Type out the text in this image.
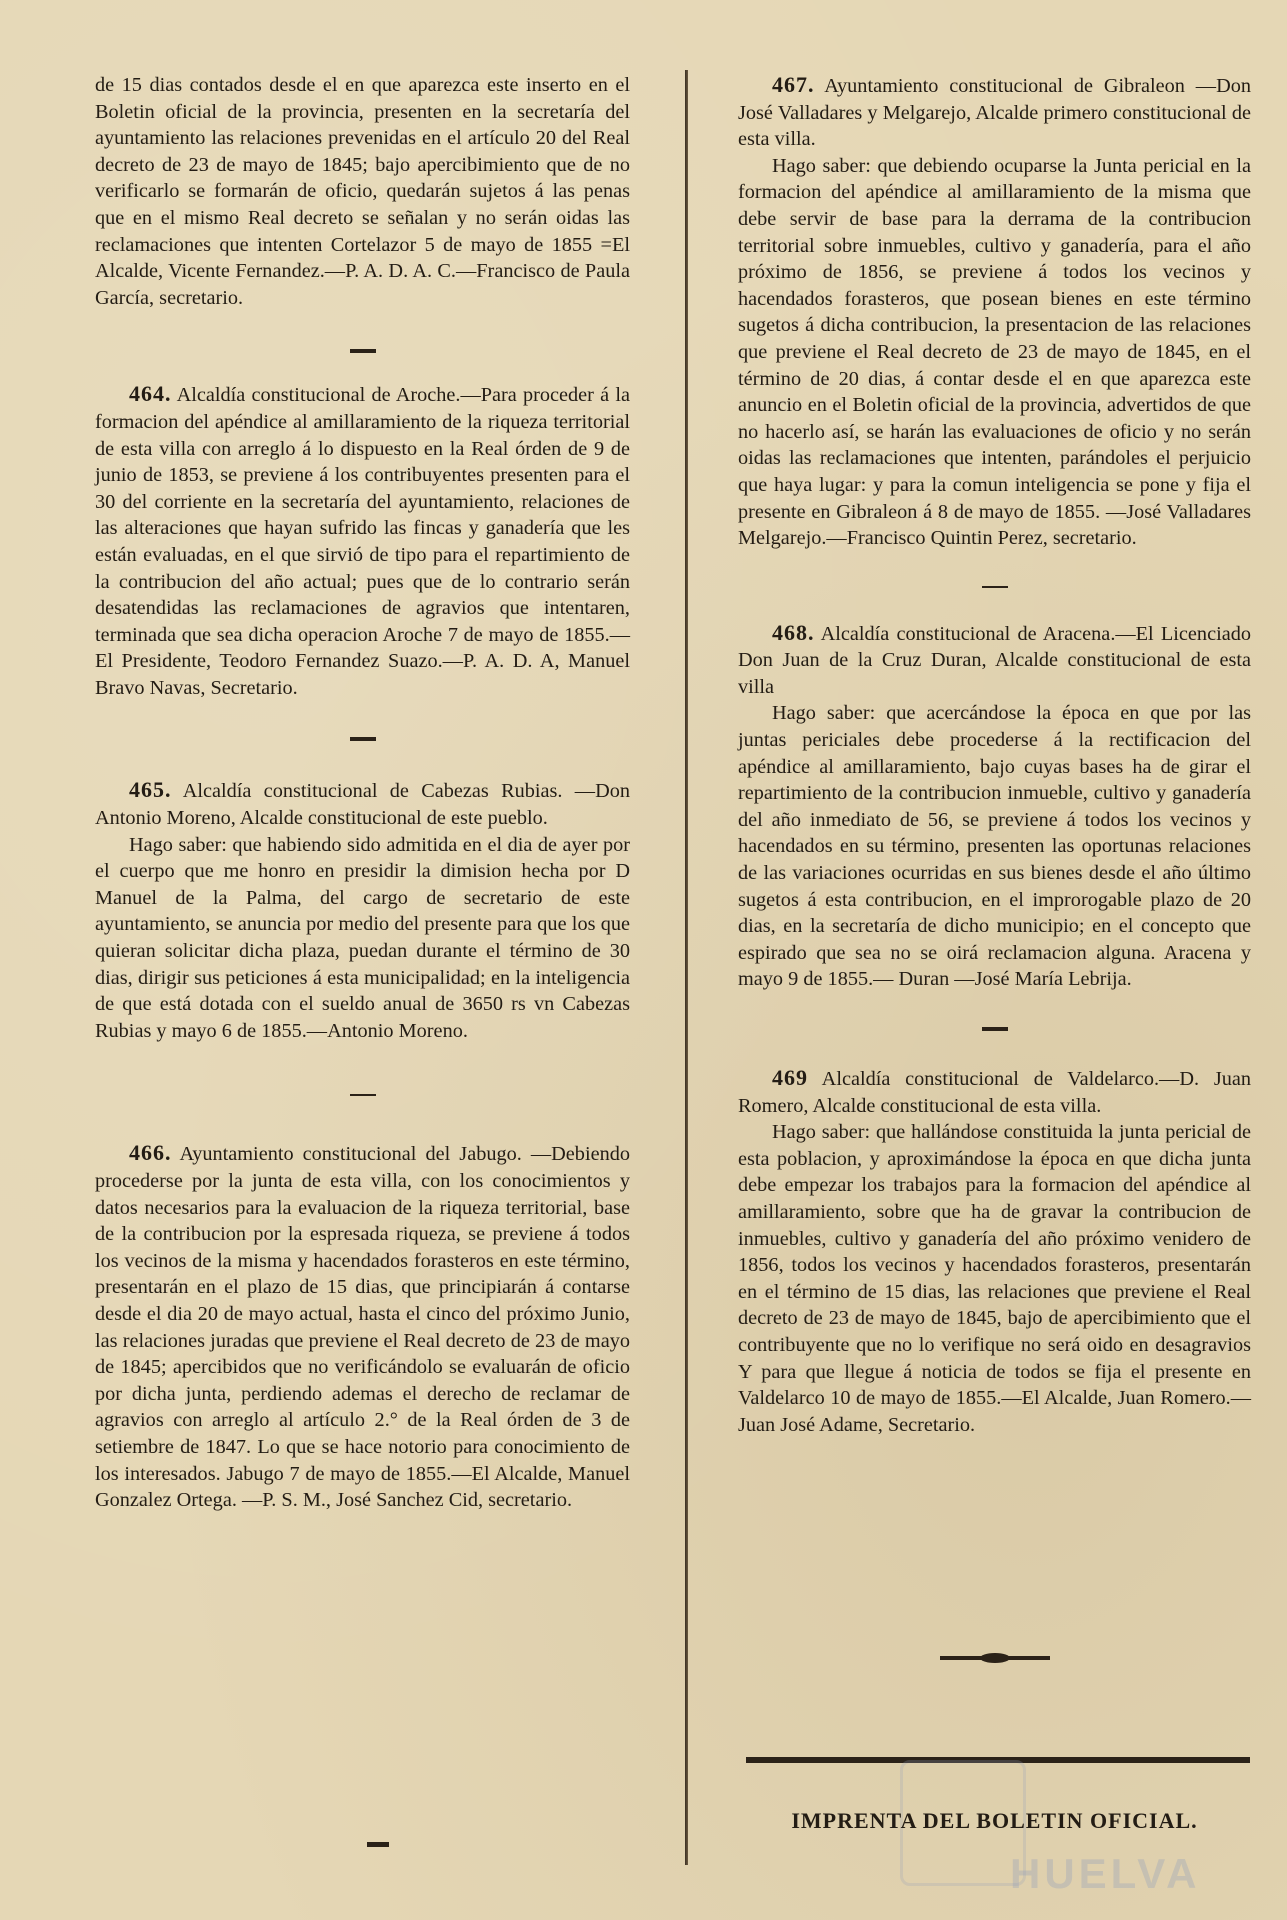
de 15 dias contados desde el en que aparezca este inserto en el Boletin oficial de la provincia, presenten en la secretaría del ayuntamiento las relaciones prevenidas en el artículo 20 del Real decreto de 23 de mayo de 1845; bajo apercibimiento que de no verificarlo se formarán de oficio, quedarán sujetos á las penas que en el mismo Real decreto se señalan y no serán oidas las reclamaciones que intenten Cortelazor 5 de mayo de 1855 =El Alcalde, Vicente Fernandez.—P. A. D. A. C.—Francisco de Paula García, secretario.

464. Alcaldía constitucional de Aroche.—Para proceder á la formacion del apéndice al amillaramiento de la riqueza territorial de esta villa con arreglo á lo dispuesto en la Real órden de 9 de junio de 1853, se previene á los contribuyentes presenten para el 30 del corriente en la secretaría del ayuntamiento, relaciones de las alteraciones que hayan sufrido las fincas y ganadería que les están evaluadas, en el que sirvió de tipo para el repartimiento de la contribucion del año actual; pues que de lo contrario serán desatendidas las reclamaciones de agravios que intentaren, terminada que sea dicha operacion Aroche 7 de mayo de 1855.—El Presidente, Teodoro Fernandez Suazo.—P. A. D. A, Manuel Bravo Navas, Secretario.
465. Alcaldía constitucional de Cabezas Rubias. —Don Antonio Moreno, Alcalde constitucional de este pueblo.

Hago saber: que habiendo sido admitida en el dia de ayer por el cuerpo que me honro en presidir la dimision hecha por D Manuel de la Palma, del cargo de secretario de este ayuntamiento, se anuncia por medio del presente para que los que quieran solicitar dicha plaza, puedan durante el término de 30 dias, dirigir sus peticiones á esta municipalidad; en la inteligencia de que está dotada con el sueldo anual de 3650 rs vn Cabezas Rubias y mayo 6 de 1855.—Antonio Moreno.

466. Ayuntamiento constitucional del Jabugo. —Debiendo procederse por la junta de esta villa, con los conocimientos y datos necesarios para la evaluacion de la riqueza territorial, base de la contribucion por la espresada riqueza, se previene á todos los vecinos de la misma y hacendados forasteros en este término, presentarán en el plazo de 15 dias, que principiarán á contarse desde el dia 20 de mayo actual, hasta el cinco del próximo Junio, las relaciones juradas que previene el Real decreto de 23 de mayo de 1845; apercibidos que no verificándolo se evaluarán de oficio por dicha junta, perdiendo ademas el derecho de reclamar de agravios con arreglo al artículo 2.° de la Real órden de 3 de setiembre de 1847. Lo que se hace notorio para conocimiento de los interesados. Jabugo 7 de mayo de 1855.—El Alcalde, Manuel Gonzalez Ortega. —P. S. M., José Sanchez Cid, secretario.
467. Ayuntamiento constitucional de Gibraleon —Don José Valladares y Melgarejo, Alcalde primero constitucional de esta villa.

Hago saber: que debiendo ocuparse la Junta pericial en la formacion del apéndice al amillaramiento de la misma que debe servir de base para la derrama de la contribucion territorial sobre inmuebles, cultivo y ganadería, para el año próximo de 1856, se previene á todos los vecinos y hacendados forasteros, que posean bienes en este término sugetos á dicha contribucion, la presentacion de las relaciones que previene el Real decreto de 23 de mayo de 1845, en el término de 20 dias, á contar desde el en que aparezca este anuncio en el Boletin oficial de la provincia, advertidos de que no hacerlo así, se harán las evaluaciones de oficio y no serán oidas las reclamaciones que intenten, parándoles el perjuicio que haya lugar: y para la comun inteligencia se pone y fija el presente en Gibraleon á 8 de mayo de 1855. —José Valladares Melgarejo.—Francisco Quintin Perez, secretario.

468. Alcaldía constitucional de Aracena.—El Licenciado Don Juan de la Cruz Duran, Alcalde constitucional de esta villa

Hago saber: que acercándose la época en que por las juntas periciales debe procederse á la rectificacion del apéndice al amillaramiento, bajo cuyas bases ha de girar el repartimiento de la contribucion inmueble, cultivo y ganadería del año inmediato de 56, se previene á todos los vecinos y hacendados en su término, presenten las oportunas relaciones de las variaciones ocurridas en sus bienes desde el año último sugetos á esta contribucion, en el improrogable plazo de 20 dias, en la secretaría de dicho municipio; en el concepto que espirado que sea no se oirá reclamacion alguna. Aracena y mayo 9 de 1855.— Duran —José María Lebrija.

469 Alcaldía constitucional de Valdelarco.—D. Juan Romero, Alcalde constitucional de esta villa.

Hago saber: que hallándose constituida la junta pericial de esta poblacion, y aproximándose la época en que dicha junta debe empezar los trabajos para la formacion del apéndice al amillaramiento, sobre que ha de gravar la contribucion de inmuebles, cultivo y ganadería del año próximo venidero de 1856, todos los vecinos y hacendados forasteros, presentarán en el término de 15 dias, las relaciones que previene el Real decreto de 23 de mayo de 1845, bajo de apercibimiento que el contribuyente que no lo verifique no será oido en desagravios Y para que llegue á noticia de todos se fija el presente en Valdelarco 10 de mayo de 1855.—El Alcalde, Juan Romero.—Juan José Adame, Secretario.

IMPRENTA DEL BOLETIN OFICIAL.
HUELVA
